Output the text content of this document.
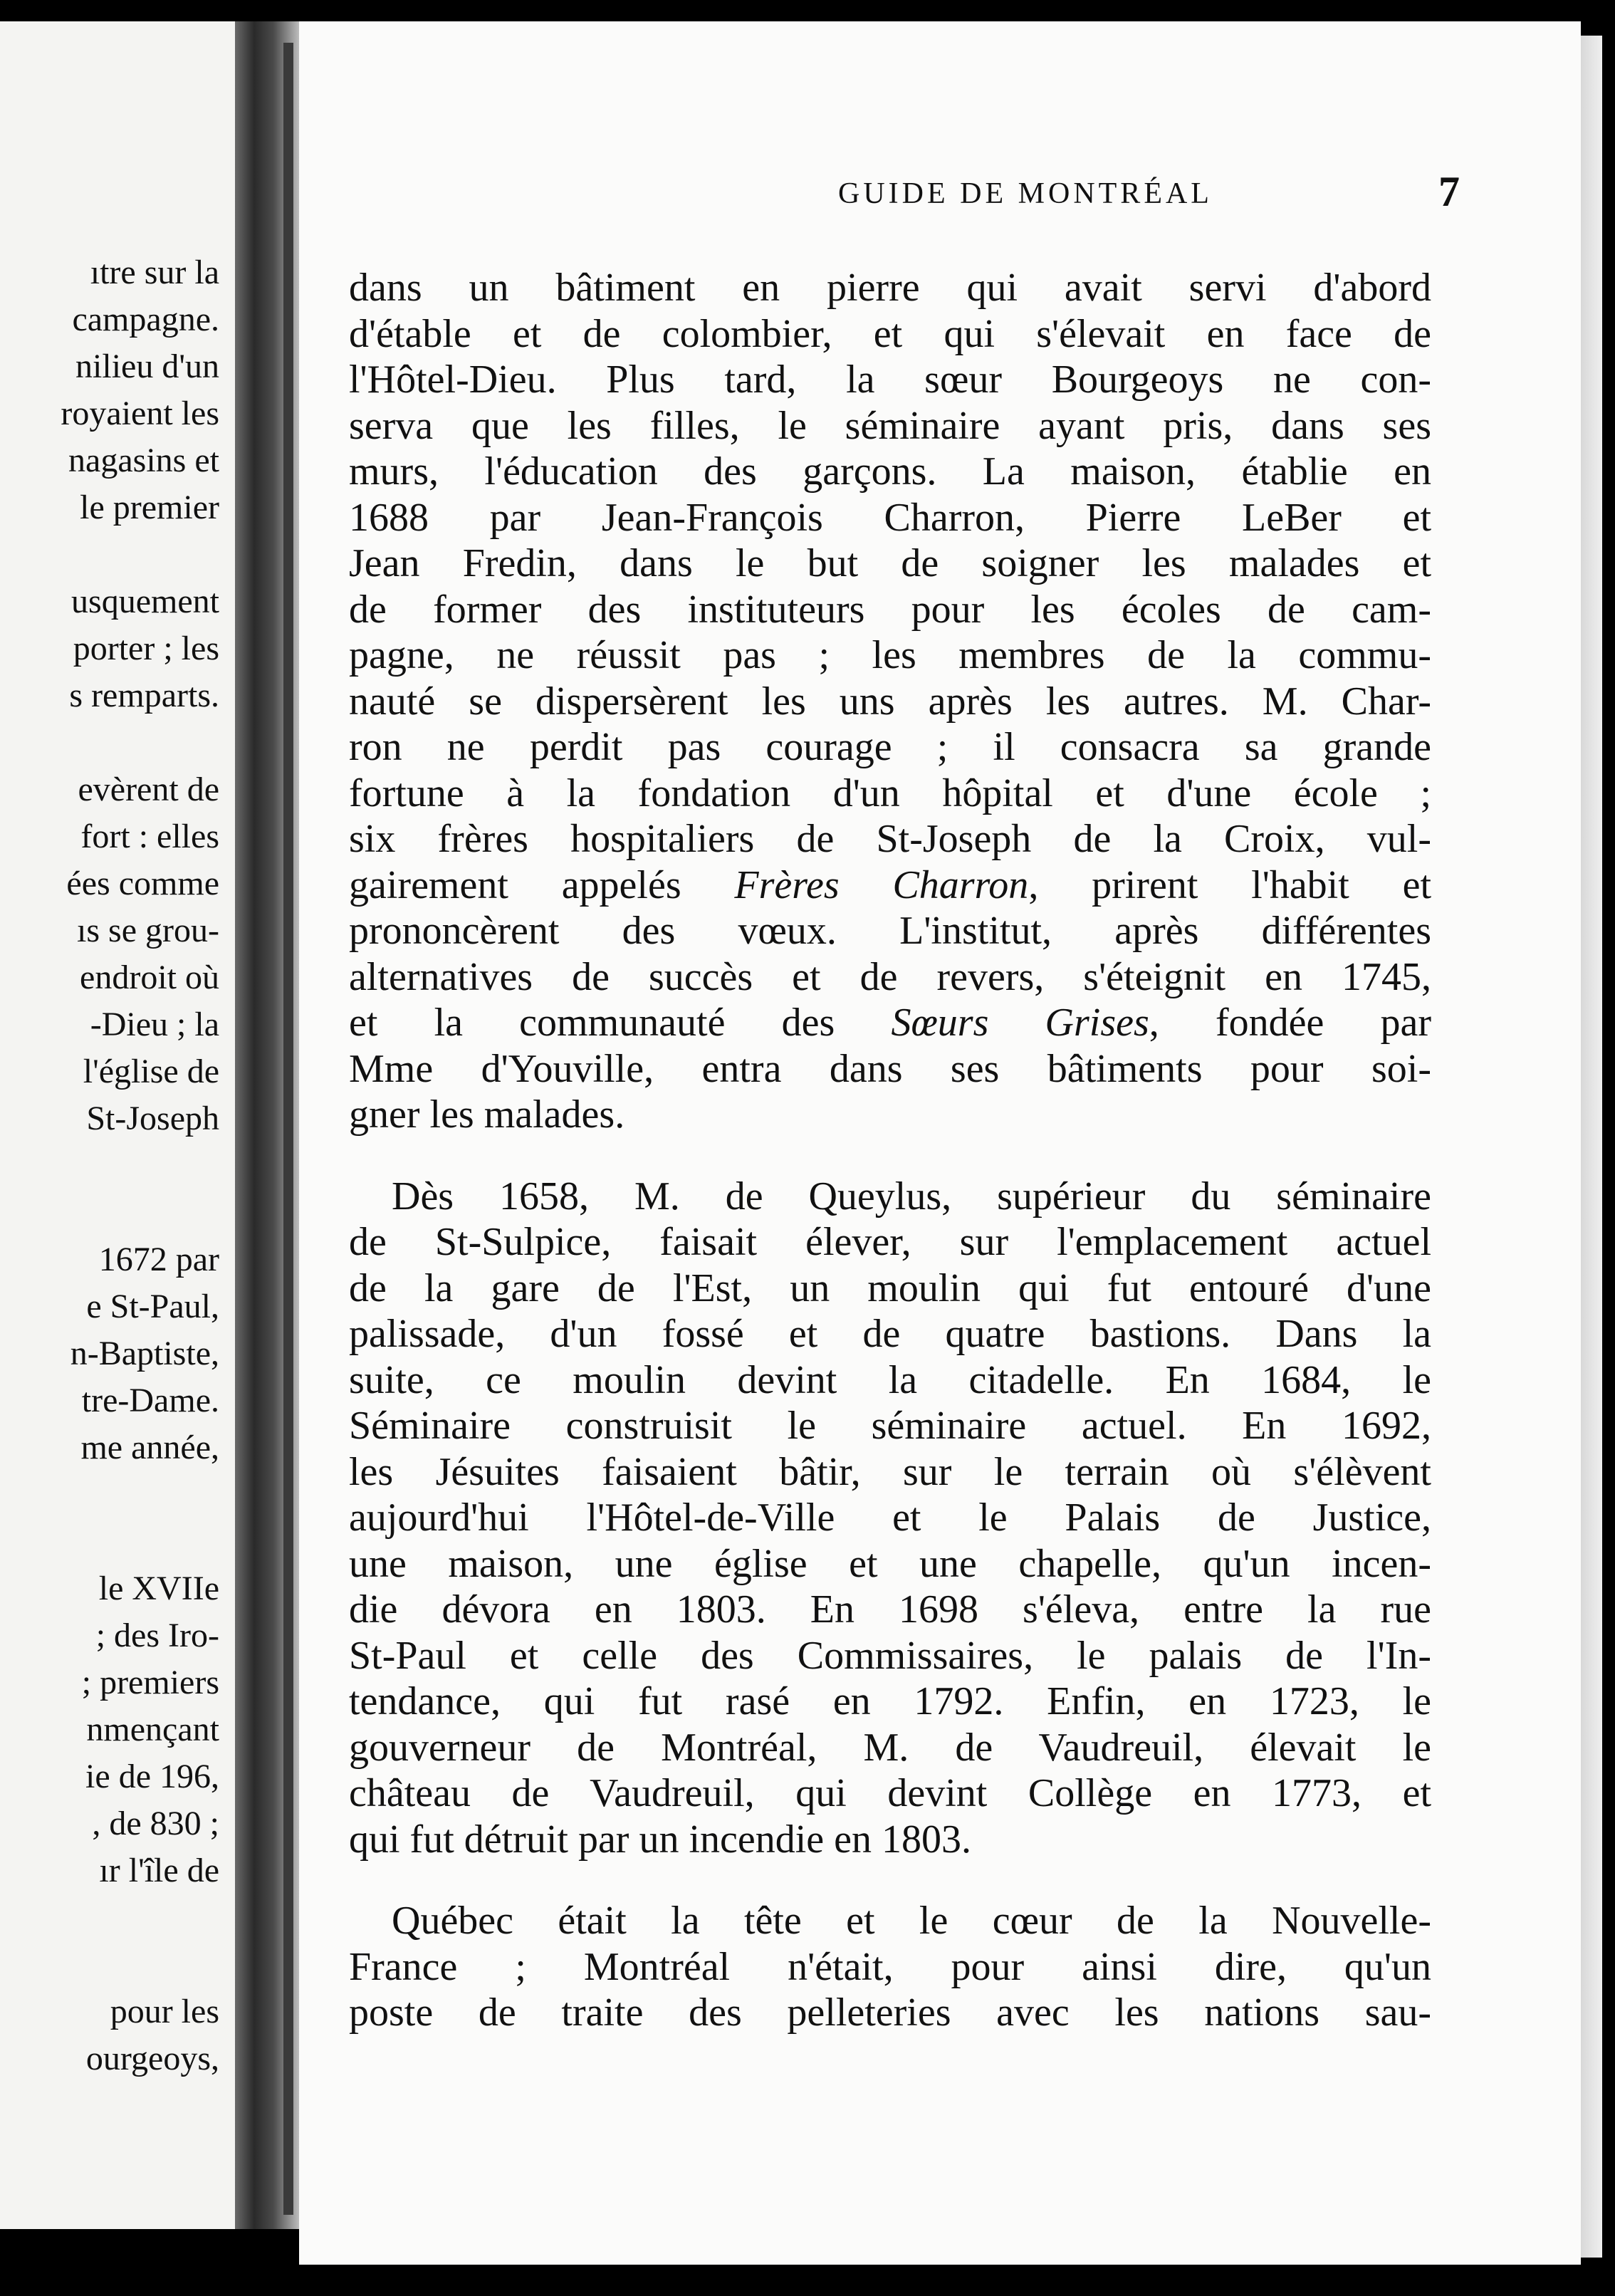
ıtre sur la
campagne.
nilieu d'un
royaient les
nagasins et
le premier
usquement
porter ; les
s remparts.
evèrent de
fort : elles
ées comme
ıs se grou-
endroit où
-Dieu ; la
l'église de
St-Joseph
1672 par
e St-Paul,
n-Baptiste,
tre-Dame.
me année,
le XVIIe
; des Iro-
; premiers
nmençant
ie de 196,
, de 830 ;
ır l'île de
pour les
ourgeoys,
GUIDE DE MONTRÉAL	7
dans un bâtiment en pierre qui avait servi d'abord
d'étable et de colombier, et qui s'élevait en face de
l'Hôtel-Dieu. Plus tard, la sœur Bourgeoys ne con-
serva que les filles, le séminaire ayant pris, dans ses
murs, l'éducation des garçons. La maison, établie en
1688 par Jean-François Charron, Pierre LeBer et
Jean Fredin, dans le but de soigner les malades et
de former des instituteurs pour les écoles de cam-
pagne, ne réussit pas ; les membres de la commu-
nauté se dispersèrent les uns après les autres. M. Char-
ron ne perdit pas courage ; il consacra sa grande
fortune à la fondation d'un hôpital et d'une école ;
six frères hospitaliers de St-Joseph de la Croix, vul-
gairement appelés Frères Charron, prirent l'habit et
prononcèrent des vœux. L'institut, après différentes
alternatives de succès et de revers, s'éteignit en 1745,
et la communauté des Sœurs Grises, fondée par
Mme d'Youville, entra dans ses bâtiments pour soi-
gner les malades.
Dès 1658, M. de Queylus, supérieur du séminaire
de St-Sulpice, faisait élever, sur l'emplacement actuel
de la gare de l'Est, un moulin qui fut entouré d'une
palissade, d'un fossé et de quatre bastions. Dans la
suite, ce moulin devint la citadelle. En 1684, le
Séminaire construisit le séminaire actuel. En 1692,
les Jésuites faisaient bâtir, sur le terrain où s'élèvent
aujourd'hui l'Hôtel-de-Ville et le Palais de Justice,
une maison, une église et une chapelle, qu'un incen-
die dévora en 1803. En 1698 s'éleva, entre la rue
St-Paul et celle des Commissaires, le palais de l'In-
tendance, qui fut rasé en 1792. Enfin, en 1723, le
gouverneur de Montréal, M. de Vaudreuil, élevait le
château de Vaudreuil, qui devint Collège en 1773, et
qui fut détruit par un incendie en 1803.
Québec était la tête et le cœur de la Nouvelle-
France ; Montréal n'était, pour ainsi dire, qu'un
poste de traite des pelleteries avec les nations sau-
